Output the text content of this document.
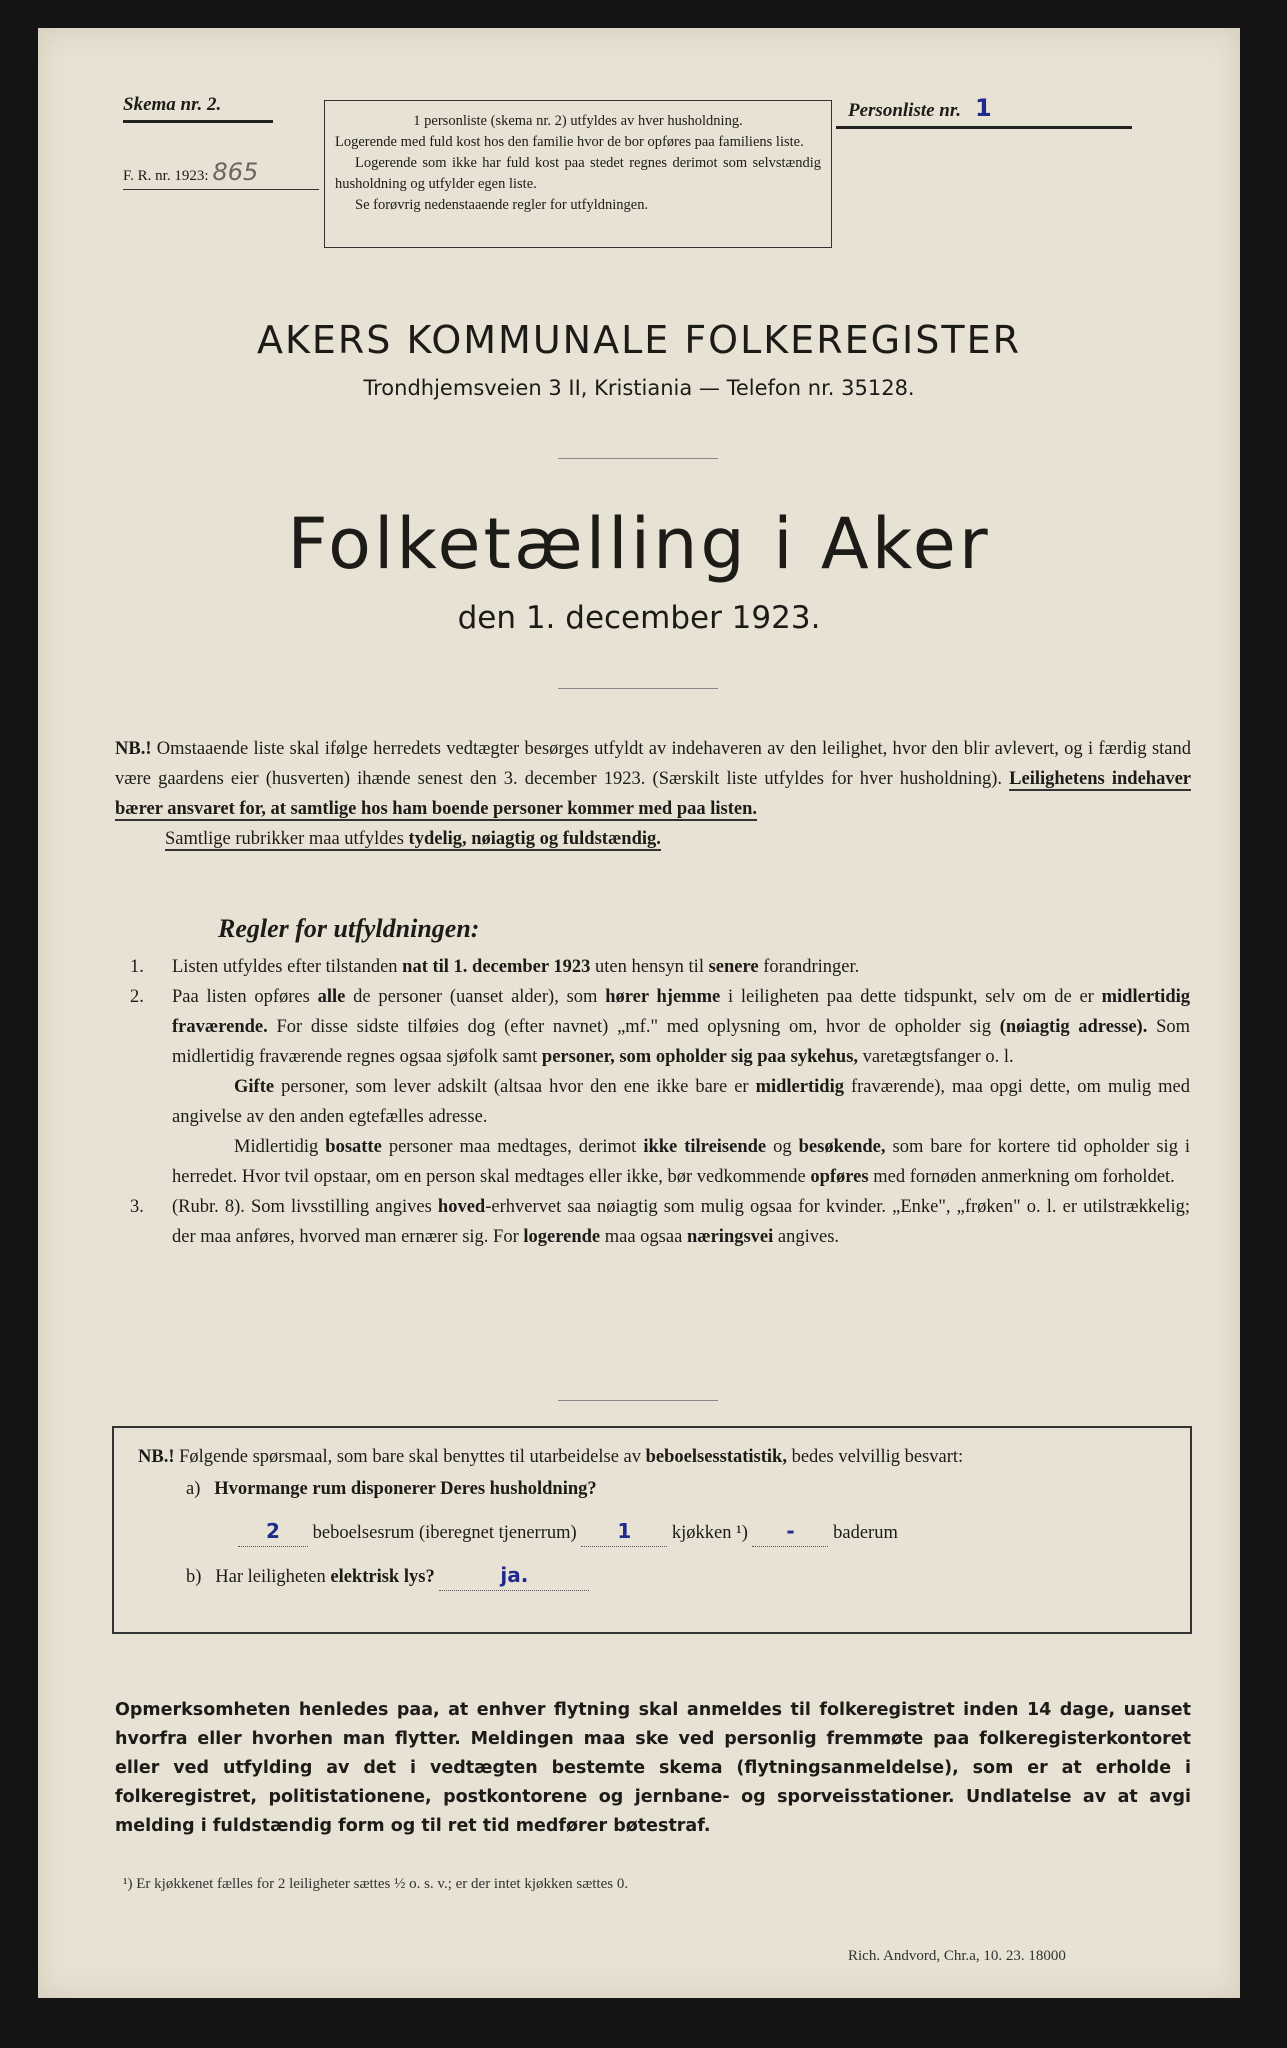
Skema nr. 2.
F. R. nr. 1923: 865

1 personliste (skema nr. 2) utfyldes av hver husholdning.

Logerende med fuld kost hos den familie hvor de bor opføres paa familiens liste.

Logerende som ikke har fuld kost paa stedet regnes derimot som selvstændig husholdning og utfylder egen liste.

Se forøvrig nedenstaaende regler for utfyldningen.

Personliste nr. 1
AKERS KOMMUNALE FOLKEREGISTER
Trondhjemsveien 3 II, Kristiania — Telefon nr. 35128.
Folketælling i Aker
den 1. december 1923.
NB.! Omstaaende liste skal ifølge herredets vedtægter besørges utfyldt av indehaveren av den leilighet, hvor den blir avlevert, og i færdig stand være gaardens eier (husverten) ihænde senest den 3. december 1923. (Særskilt liste utfyldes for hver husholdning). Leilighetens indehaver bærer ansvaret for, at samtlige hos ham boende personer kommer med paa listen.
Samtlige rubrikker maa utfyldes tydelig, nøiagtig og fuldstændig.
Regler for utfyldningen:
1. Listen utfyldes efter tilstanden nat til 1. december 1923 uten hensyn til senere forandringer.

2. Paa listen opføres alle de personer (uanset alder), som hører hjemme i leiligheten paa dette tidspunkt, selv om de er midlertidig fraværende. For disse sidste tilføies dog (efter navnet) „mf." med oplysning om, hvor de opholder sig (nøiagtig adresse). Som midlertidig fraværende regnes ogsaa sjøfolk samt personer, som opholder sig paa sykehus, varetægtsfanger o. l.

Gifte personer, som lever adskilt (altsaa hvor den ene ikke bare er midlertidig fraværende), maa opgi dette, om mulig med angivelse av den anden egtefælles adresse.

Midlertidig bosatte personer maa medtages, derimot ikke tilreisende og besøkende, som bare for kortere tid opholder sig i herredet. Hvor tvil opstaar, om en person skal medtages eller ikke, bør vedkommende opføres med fornøden anmerkning om forholdet.

3. (Rubr. 8). Som livsstilling angives hoved-erhvervet saa nøiagtig som mulig ogsaa for kvinder. „Enke", „frøken" o. l. er utilstrækkelig; der maa anføres, hvorved man ernærer sig. For logerende maa ogsaa næringsvei angives.

NB.! Følgende spørsmaal, som bare skal benyttes til utarbeidelse av beboelsesstatistik, bedes velvillig besvart:
a) Hvormange rum disponerer Deres husholdning?
2 beboelsesrum (iberegnet tjenerrum) 1 kjøkken ¹) - baderum
b) Har leiligheten elektrisk lys?	ja.
Opmerksomheten henledes paa, at enhver flytning skal anmeldes til folkeregistret inden 14 dage, uanset hvorfra eller hvorhen man flytter. Meldingen maa ske ved personlig fremmøte paa folkeregisterkontoret eller ved utfylding av det i vedtægten bestemte skema (flytningsanmeldelse), som er at erholde i folkeregistret, politistationene, postkontorene og jernbane- og sporveisstationer. Undlatelse av at avgi melding i fuldstændig form og til ret tid medfører bøtestraf.
¹) Er kjøkkenet fælles for 2 leiligheter sættes ½ o. s. v.; er der intet kjøkken sættes 0.
Rich. Andvord, Chr.a, 10. 23. 18000
